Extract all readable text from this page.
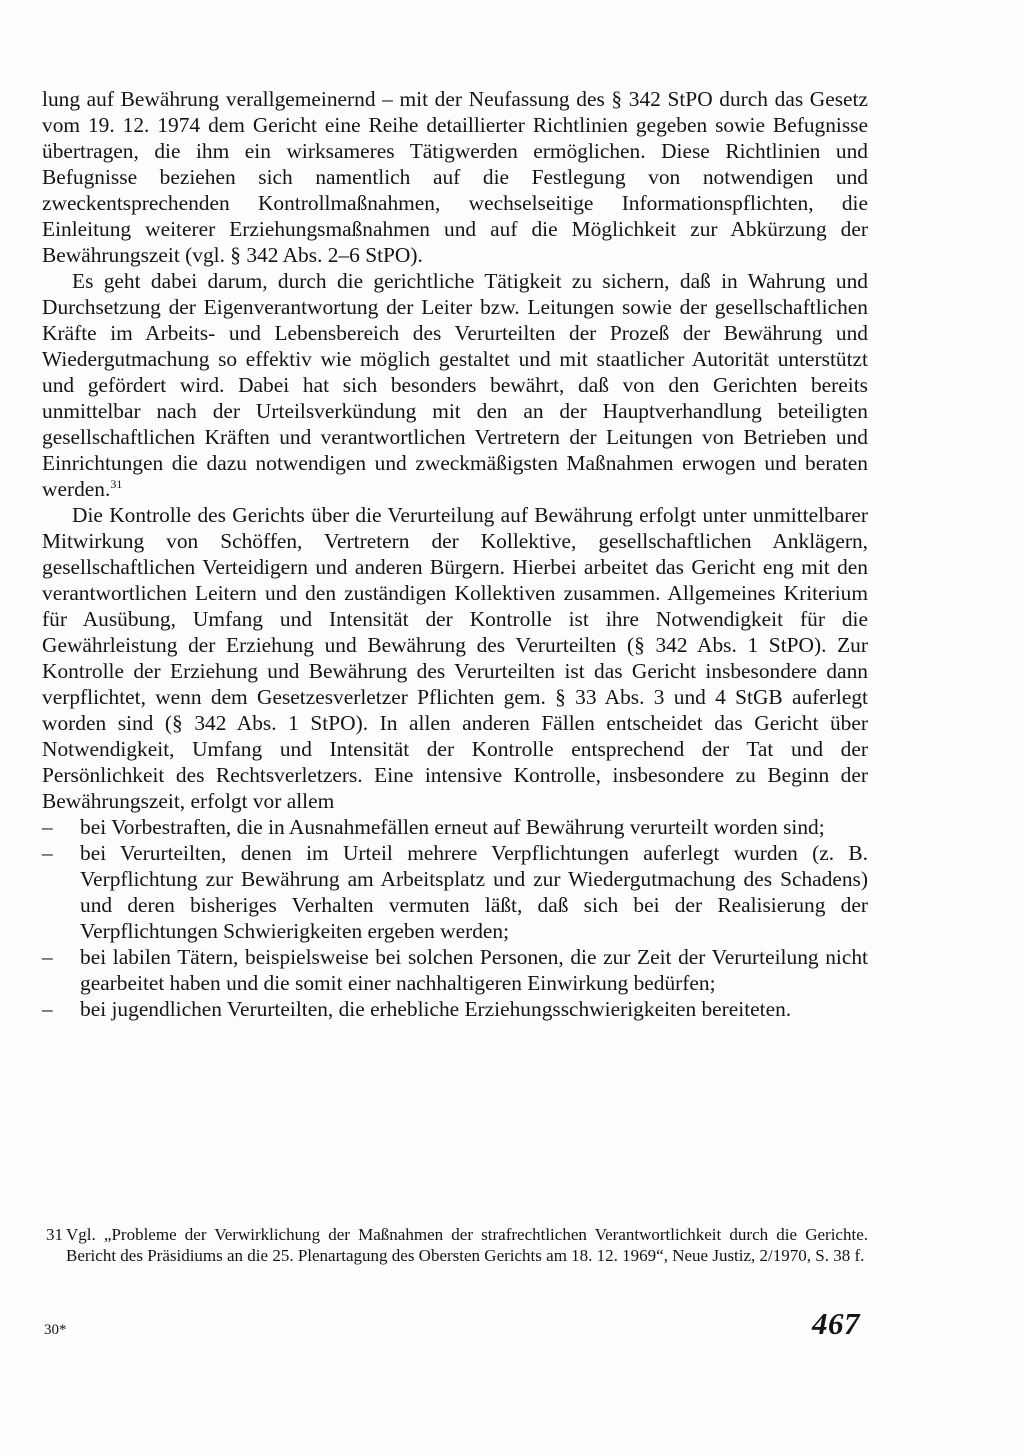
lung auf Bewährung verallgemeinernd – mit der Neufassung des § 342 StPO durch das Gesetz vom 19. 12. 1974 dem Gericht eine Reihe detaillierter Richtlinien gegeben sowie Befugnisse übertragen, die ihm ein wirksameres Tätigwerden ermöglichen. Diese Richtlinien und Befugnisse beziehen sich namentlich auf die Festlegung von notwendigen und zweckentsprechenden Kontrollmaßnahmen, wechselseitige Informationspflichten, die Einleitung weiterer Erziehungsmaßnahmen und auf die Möglichkeit zur Abkürzung der Bewährungszeit (vgl. § 342 Abs. 2–6 StPO).

Es geht dabei darum, durch die gerichtliche Tätigkeit zu sichern, daß in Wahrung und Durchsetzung der Eigenverantwortung der Leiter bzw. Leitungen sowie der gesellschaftlichen Kräfte im Arbeits- und Lebensbereich des Verurteilten der Prozeß der Bewährung und Wiedergutmachung so effektiv wie möglich gestaltet und mit staatlicher Autorität unterstützt und gefördert wird. Dabei hat sich besonders bewährt, daß von den Gerichten bereits unmittelbar nach der Urteilsverkündung mit den an der Hauptverhandlung beteiligten gesellschaftlichen Kräften und verantwortlichen Vertretern der Leitungen von Betrieben und Einrichtungen die dazu notwendigen und zweckmäßigsten Maßnahmen erwogen und beraten werden.$^{31}$

Die Kontrolle des Gerichts über die Verurteilung auf Bewährung erfolgt unter unmittelbarer Mitwirkung von Schöffen, Vertretern der Kollektive, gesellschaftlichen Anklägern, gesellschaftlichen Verteidigern und anderen Bürgern. Hierbei arbeitet das Gericht eng mit den verantwortlichen Leitern und den zuständigen Kollektiven zusammen. Allgemeines Kriterium für Ausübung, Umfang und Intensität der Kontrolle ist ihre Notwendigkeit für die Gewährleistung der Erziehung und Bewährung des Verurteilten (§ 342 Abs. 1 StPO). Zur Kontrolle der Erziehung und Bewährung des Verurteilten ist das Gericht insbesondere dann verpflichtet, wenn dem Gesetzesverletzer Pflichten gem. § 33 Abs. 3 und 4 StGB auferlegt worden sind (§ 342 Abs. 1 StPO). In allen anderen Fällen entscheidet das Gericht über Notwendigkeit, Umfang und Intensität der Kontrolle entsprechend der Tat und der Persönlichkeit des Rechtsverletzers. Eine intensive Kontrolle, insbesondere zu Beginn der Bewährungszeit, erfolgt vor allem

– bei Vorbestraften, die in Ausnahmefällen erneut auf Bewährung verurteilt worden sind;
– bei Verurteilten, denen im Urteil mehrere Verpflichtungen auferlegt wurden (z. B. Verpflichtung zur Bewährung am Arbeitsplatz und zur Wiedergutmachung des Schadens) und deren bisheriges Verhalten vermuten läßt, daß sich bei der Realisierung der Verpflichtungen Schwierigkeiten ergeben werden;
– bei labilen Tätern, beispielsweise bei solchen Personen, die zur Zeit der Verurteilung nicht gearbeitet haben und die somit einer nachhaltigeren Einwirkung bedürfen;
– bei jugendlichen Verurteilten, die erhebliche Erziehungsschwierigkeiten bereiteten.
31 Vgl. „Probleme der Verwirklichung der Maßnahmen der strafrechtlichen Verantwortlichkeit durch die Gerichte. Bericht des Präsidiums an die 25. Plenartagung des Obersten Gerichts am 18. 12. 1969“, Neue Justiz, 2/1970, S. 38 f.
30*	467
